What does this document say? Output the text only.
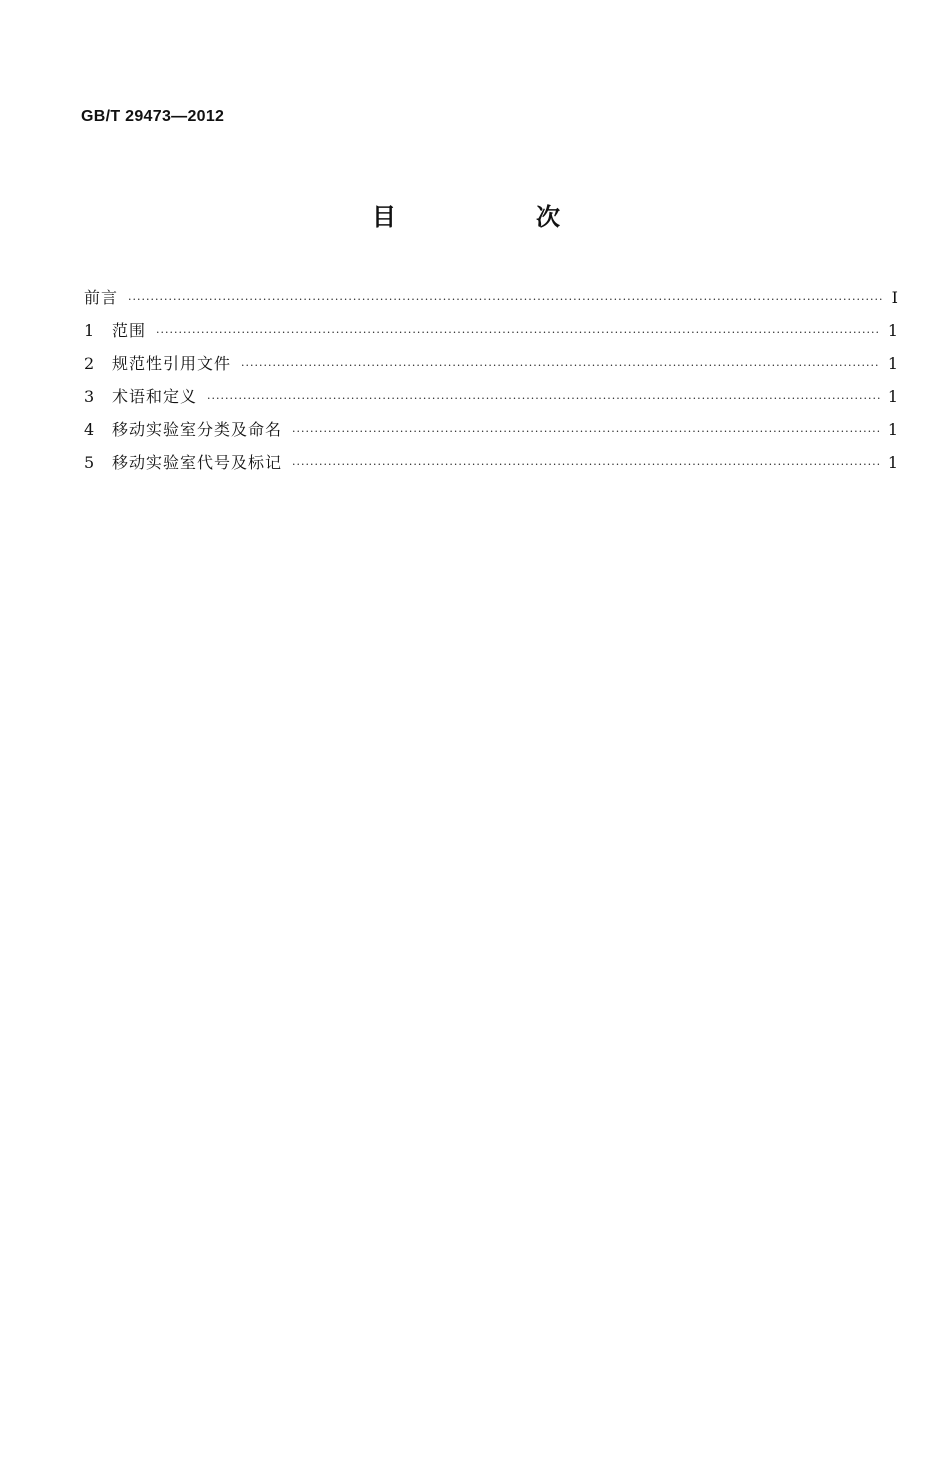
GB/T 29473—2012
目　次
前言 ·····	Ⅰ
1	范围 ·····	1
2	规范性引用文件 ·····	1
3	术语和定义 ·····	1
4	移动实验室分类及命名 ·····	1
5	移动实验室代号及标记 ·····	1
